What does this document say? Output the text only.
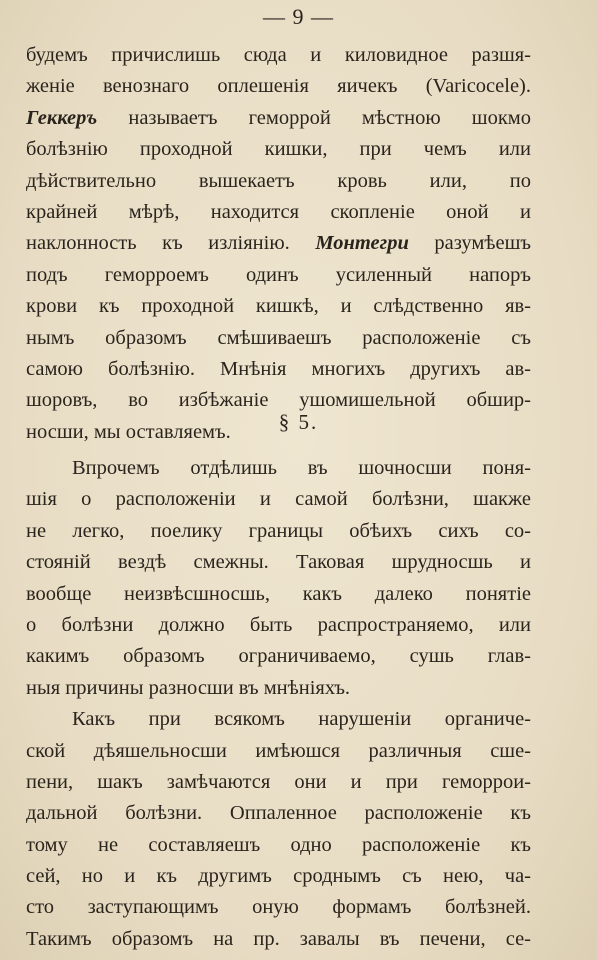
— 9 —
будемъ причислишь сюда и киловидное разшя-
женіе венознаго оплешенія яичекъ (Varicocele).
Геккеръ называетъ геморрой мѣстною шокмо
болѣзнію проходной кишки, при чемъ или
дѣйствительно вышекаетъ кровь или, по
крайней мѣрѣ, находится скопленіе оной и
наклонность къ изліянію. Монтегри разумѣешъ
подъ геморроемъ одинъ усиленный напоръ
крови къ проходной кишкѣ, и слѣдственно яв-
нымъ образомъ смѣшиваешъ расположеніе съ
самою болѣзнію. Мнѣнія многихъ другихъ ав-
шоровъ, во избѣжаніе ушомишельной обшир-
носши, мы оставляемъ.	§ 5.
Впрочемъ отдѣлишь въ шочносши поня-
шія о расположеніи и самой болѣзни, шакже
не легко, поелику границы обѣихъ сихъ со-
стояній вездѣ смежны. Таковая шрудносшь и
вообще неизвѣсшносшь, какъ далеко понятіе
о болѣзни должно быть распространяемо, или
какимъ образомъ ограничиваемо, сушь глав-
ныя причины разносши въ мнѣніяхъ.
Какъ при всякомъ нарушеніи органиче-
ской дѣяшельносши имѣюшся различныя сше-
пени, шакъ замѣчаются они и при геморрои-
дальной болѣзни. Оппаленное расположеніе къ
тому не составляешъ одно расположеніе къ
сей, но и къ другимъ сроднымъ съ нею, ча-
сто заступающимъ оную формамъ болѣзней.
Такимъ образомъ на пр. завалы въ печени, се-
